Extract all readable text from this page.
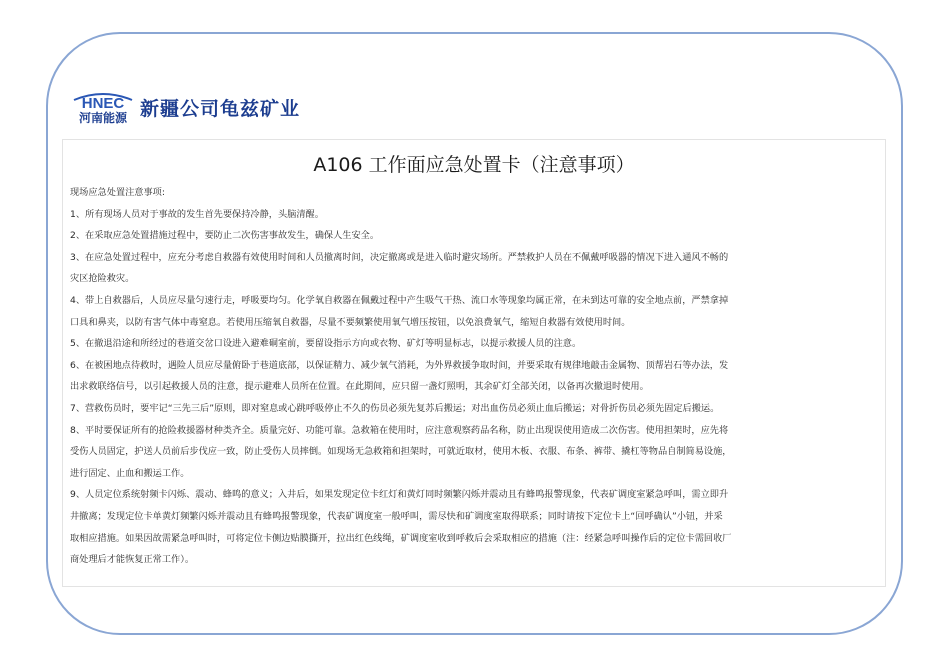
HNEC
河南能源 新疆公司龟兹矿业
A106 工作面应急处置卡（注意事项）
现场应急处置注意事项:
1、所有现场人员对于事故的发生首先要保持冷静，头脑清醒。
2、在采取应急处置措施过程中，要防止二次伤害事故发生，确保人生安全。
3、在应急处置过程中，应充分考虑自救器有效使用时间和人员撤离时间，决定撤离或是进入临时避灾场所。严禁救护人员在不佩戴呼吸器的情况下进入通风不畅的
灾区抢险救灾。
4、带上自救器后，人员应尽量匀速行走，呼吸要均匀。化学氧自救器在佩戴过程中产生吸气干热、流口水等现象均属正常，在未到达可靠的安全地点前，严禁拿掉
口具和鼻夹，以防有害气体中毒窒息。若使用压缩氧自救器，尽量不要频繁使用氧气增压按钮，以免浪费氧气，缩短自救器有效使用时间。
5、在撤退沿途和所经过的巷道交岔口设进入避难硐室前，要留设指示方向或衣物、矿灯等明显标志，以提示救援人员的注意。
6、在被困地点待救时，遇险人员应尽量俯卧于巷道底部，以保证精力、减少氧气消耗，为外界救援争取时间，并要采取有规律地敲击金属物、顶帮岩石等办法，发
出求救联络信号，以引起救援人员的注意，提示避难人员所在位置。在此期间，应只留一盏灯照明，其余矿灯全部关闭，以备再次撤退时使用。
7、营救伤员时，要牢记“三先三后”原则，即对窒息或心跳呼吸停止不久的伤员必须先复苏后搬运；对出血伤员必须止血后搬运；对骨折伤员必须先固定后搬运。
8、平时要保证所有的抢险救援器材种类齐全。质量完好、功能可靠。急救箱在使用时，应注意观察药品名称，防止出现误使用造成二次伤害。使用担架时，应先将
受伤人员固定，护送人员前后步伐应一致，防止受伤人员摔倒。如现场无急救箱和担架时，可就近取材，使用木板、衣服、布条、裤带、撬杠等物品自制简易设施，
进行固定、止血和搬运工作。
9、人员定位系统射频卡闪烁、震动、蜂鸣的意义；入井后，如果发现定位卡红灯和黄灯同时频繁闪烁并震动且有蜂鸣报警现象，代表矿调度室紧急呼叫，需立即升
井撤离；发现定位卡单黄灯频繁闪烁并震动且有蜂鸣报警现象，代表矿调度室一般呼叫，需尽快和矿调度室取得联系；同时请按下定位卡上“回呼确认”小钮，并采
取相应措施。如果因故需紧急呼叫时，可将定位卡侧边贴膜撕开，拉出红色线绳，矿调度室收到呼救后会采取相应的措施（注：经紧急呼叫操作后的定位卡需回收厂
商处理后才能恢复正常工作）。
